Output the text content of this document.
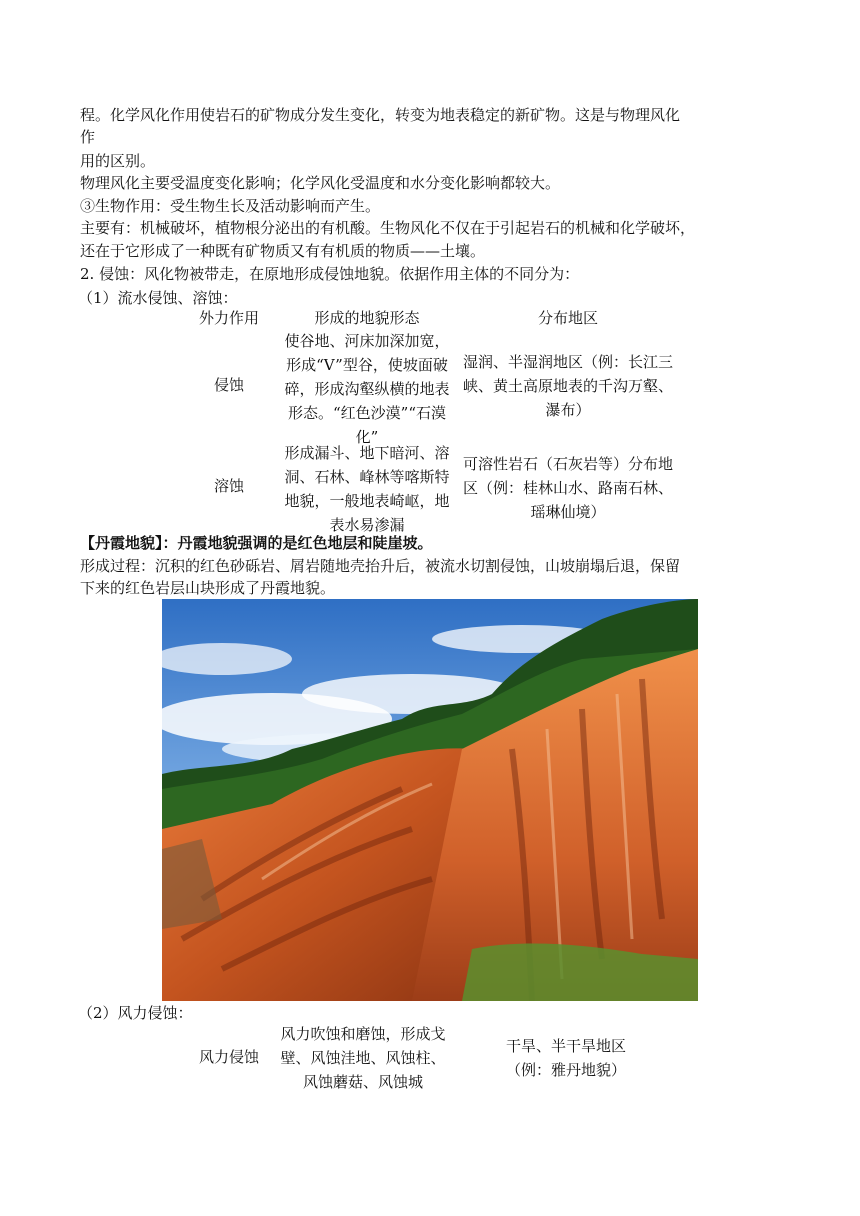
程。化学风化作用使岩石的矿物成分发生变化，转变为地表稳定的新矿物。这是与物理风化
作
用的区别。
物理风化主要受温度变化影响；化学风化受温度和水分变化影响都较大。
③生物作用：受生物生长及活动影响而产生。
主要有：机械破坏，植物根分泌出的有机酸。生物风化不仅在于引起岩石的机械和化学破坏，
还在于它形成了一种既有矿物质又有有机质的物质——土壤。
2. 侵蚀：风化物被带走，在原地形成侵蚀地貌。依据作用主体的不同分为：
（1）流水侵蚀、溶蚀：
外力作用	形成的地貌形态	分布地区
侵蚀
使谷地、河床加深加宽，形成“V”型谷，使坡面破碎，形成沟壑纵横的地表形态。“红色沙漠”“石漠化”
湿润、半湿润地区（例：长江三峡、黄土高原地表的千沟万壑、瀑布）
溶蚀
形成漏斗、地下暗河、溶洞、石林、峰林等喀斯特地貌，一般地表崎岖，地表水易渗漏
可溶性岩石（石灰岩等）分布地区（例：桂林山水、路南石林、瑶琳仙境）
【丹霞地貌】：丹霞地貌强调的是红色地层和陡崖坡。
形成过程：沉积的红色砂砾岩、屑岩随地壳抬升后，被流水切割侵蚀，山坡崩塌后退，保留
下来的红色岩层山块形成了丹霞地貌。
（2）风力侵蚀：
风力侵蚀
风力吹蚀和磨蚀，形成戈壁、风蚀洼地、风蚀柱、风蚀蘑菇、风蚀城
干旱、半干旱地区（例：雅丹地貌）
